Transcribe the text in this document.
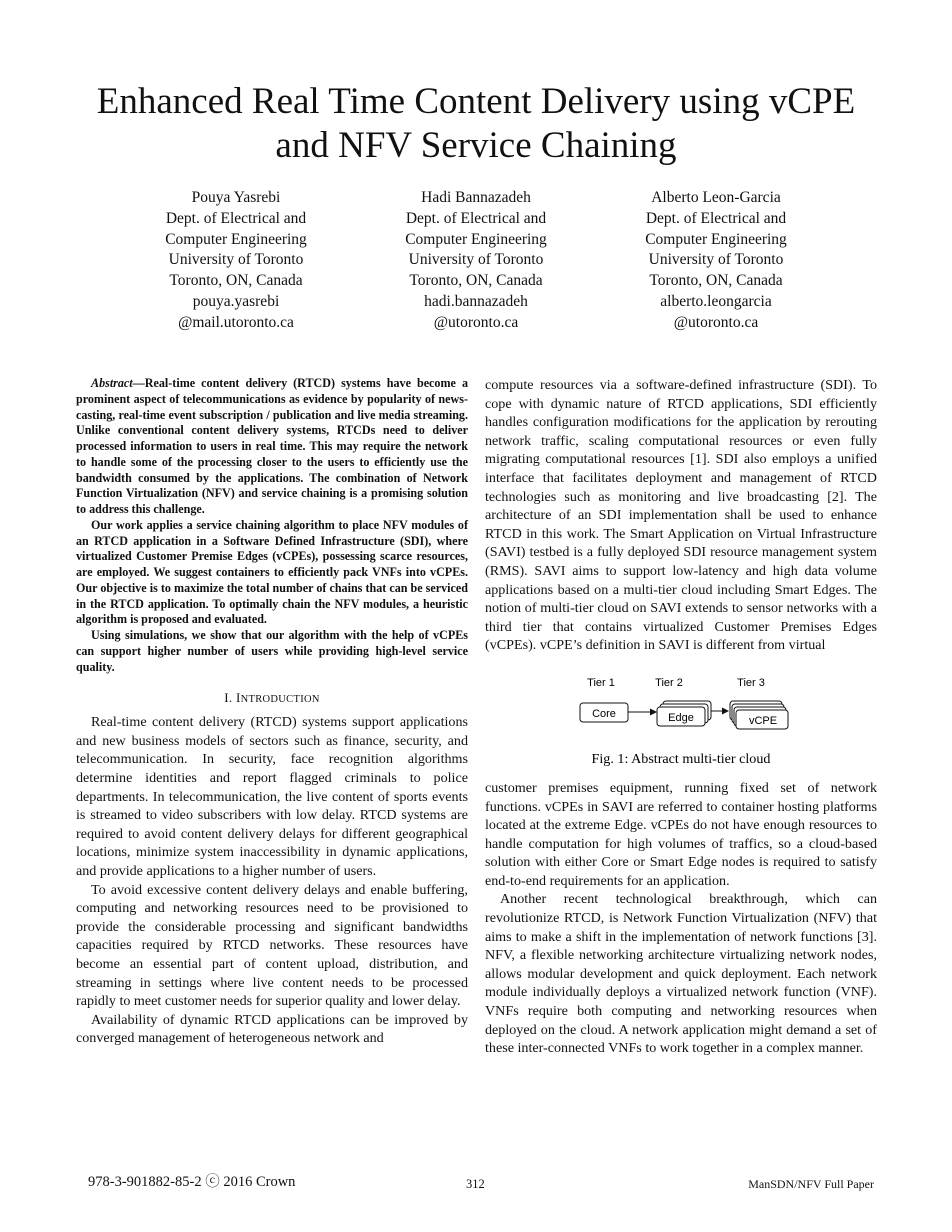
Enhanced Real Time Content Delivery using vCPE
and NFV Service Chaining
Pouya Yasrebi
Dept. of Electrical and
Computer Engineering
University of Toronto
Toronto, ON, Canada
pouya.yasrebi
@mail.utoronto.ca
Hadi Bannazadeh
Dept. of Electrical and
Computer Engineering
University of Toronto
Toronto, ON, Canada
hadi.bannazadeh
@utoronto.ca
Alberto Leon-Garcia
Dept. of Electrical and
Computer Engineering
University of Toronto
Toronto, ON, Canada
alberto.leongarcia
@utoronto.ca

Abstract—Real-time content delivery (RTCD) systems have become a prominent aspect of telecommunications as evidence by popularity of news-casting, real-time event subscription / publication and live media streaming. Unlike conventional content delivery systems, RTCDs need to deliver processed information to users in real time. This may require the network to handle some of the processing closer to the users to efficiently use the bandwidth consumed by the applications. The combination of Network Function Virtualization (NFV) and service chaining is a promising solution to address this challenge.

Our work applies a service chaining algorithm to place NFV modules of an RTCD application in a Software Defined Infrastructure (SDI), where virtualized Customer Premise Edges (vCPEs), possessing scarce resources, are employed. We suggest containers to efficiently pack VNFs into vCPEs. Our objective is to maximize the total number of chains that can be serviced in the RTCD application. To optimally chain the NFV modules, a heuristic algorithm is proposed and evaluated.

Using simulations, we show that our algorithm with the help of vCPEs can support higher number of users while providing high-level service quality.

I. INTRODUCTION

Real-time content delivery (RTCD) systems support applications and new business models of sectors such as finance, security, and telecommunication. In security, face recognition algorithms determine identities and report flagged criminals to police departments. In telecommunication, the live content of sports events is streamed to video subscribers with low delay. RTCD systems are required to avoid content delivery delays for different geographical locations, minimize system inaccessibility in dynamic applications, and provide applications to a higher number of users.

To avoid excessive content delivery delays and enable buffering, computing and networking resources need to be provisioned to provide the considerable processing and significant bandwidths capacities required by RTCD networks. These resources have become an essential part of content upload, distribution, and streaming in settings where live content needs to be processed rapidly to meet customer needs for superior quality and lower delay.

Availability of dynamic RTCD applications can be improved by converged management of heterogeneous network and

compute resources via a software-defined infrastructure (SDI). To cope with dynamic nature of RTCD applications, SDI efficiently handles configuration modifications for the application by rerouting network traffic, scaling computational resources or even fully migrating computational resources [1]. SDI also employs a unified interface that facilitates deployment and management of RTCD technologies such as monitoring and live broadcasting [2]. The architecture of an SDI implementation shall be used to enhance RTCD in this work. The Smart Application on Virtual Infrastructure (SAVI) testbed is a fully deployed SDI resource management system (RMS). SAVI aims to support low-latency and high data volume applications based on a multi-tier cloud including Smart Edges. The notion of multi-tier cloud on SAVI extends to sensor networks with a third tier that contains virtualized Customer Premises Edges (vCPEs). vCPE’s definition in SAVI is different from virtual

Tier 1	Tier 2	Tier 3
Core	Edge	vCPE
Fig. 1: Abstract multi-tier cloud

customer premises equipment, running fixed set of network functions. vCPEs in SAVI are referred to container hosting platforms located at the extreme Edge. vCPEs do not have enough resources to handle computation for high volumes of traffics, so a cloud-based solution with either Core or Smart Edge nodes is required to satisfy end-to-end requirements for an application.

Another recent technological breakthrough, which can revolutionize RTCD, is Network Function Virtualization (NFV) that aims to make a shift in the implementation of network functions [3]. NFV, a flexible networking architecture virtualizing network nodes, allows modular development and quick deployment. Each network module individually deploys a virtualized network function (VNF). VNFs require both computing and networking resources when deployed on the cloud. A network application might demand a set of these inter-connected VNFs to work together in a complex manner.

978-3-901882-85-2 ⓒ 2016 Crown	312	ManSDN/NFV Full Paper
